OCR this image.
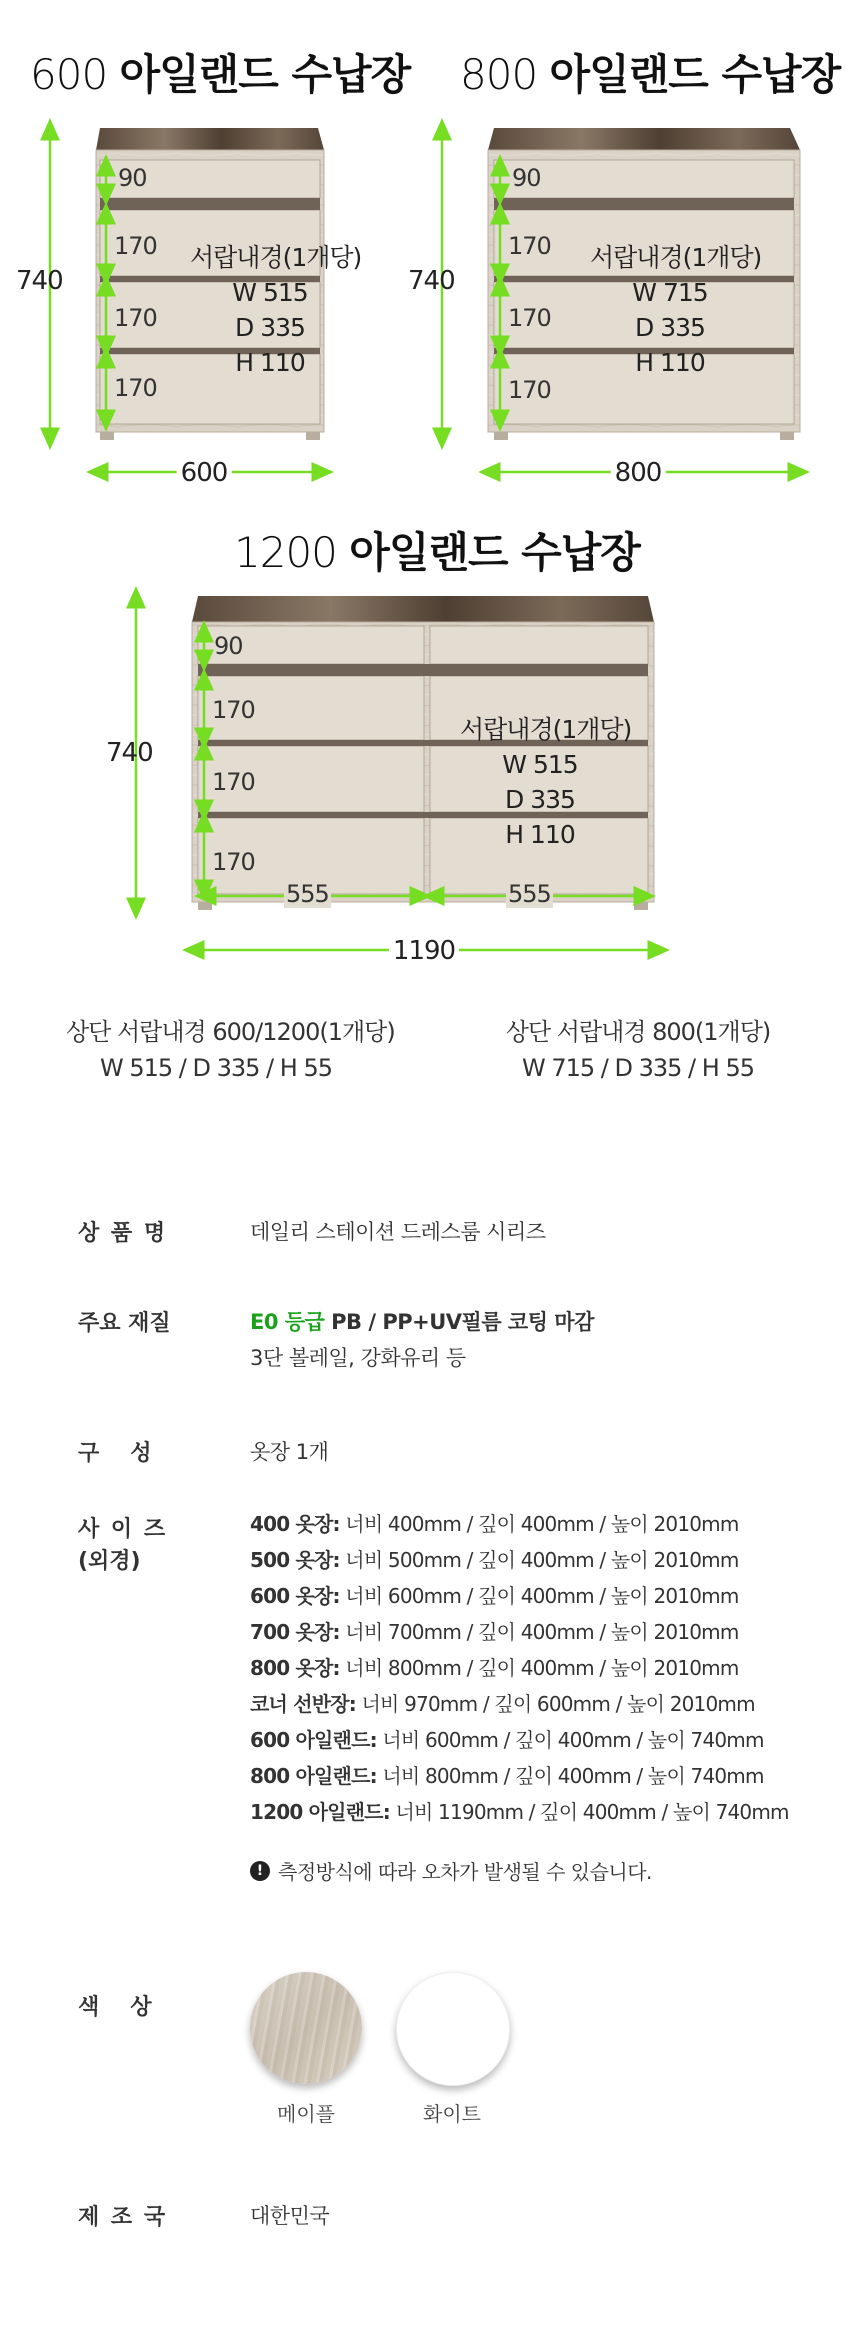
600 아일랜드 수납장 800 아일랜드 수납장
1200 아일랜드 수납장
740
600
90
170
170
170
서랍내경(1개당)
W 515
D 335
H 110
740
800
90
170
170
170
서랍내경(1개당)
W 715
D 335
H 110
740
1190
90
170
170
170
555	555
서랍내경(1개당)
W 515
D 335
H 110
상단 서랍내경 600/1200(1개당)
W 515 / D 335 / H 55
상단 서랍내경 800(1개당)
W 715 / D 335 / H 55
상 품 명	데일리 스테이션 드레스룸 시리즈
주요 재질	E0 등급 PB / PP+UV필름 코팅 마감
3단 볼레일, 강화유리 등
구   성	옷장 1개
사 이 즈
(외경)
400 옷장: 너비 400mm / 깊이 400mm / 높이 2010mm
500 옷장: 너비 500mm / 깊이 400mm / 높이 2010mm
600 옷장: 너비 600mm / 깊이 400mm / 높이 2010mm
700 옷장: 너비 700mm / 깊이 400mm / 높이 2010mm
800 옷장: 너비 800mm / 깊이 400mm / 높이 2010mm
코너 선반장: 너비 970mm / 깊이 600mm / 높이 2010mm
600 아일랜드: 너비 600mm / 깊이 400mm / 높이 740mm
800 아일랜드: 너비 800mm / 깊이 400mm / 높이 740mm
1200 아일랜드: 너비 1190mm / 깊이 400mm / 높이 740mm
! 측정방식에 따라 오차가 발생될 수 있습니다.
색   상
메이플	화이트
제 조 국	대한민국
